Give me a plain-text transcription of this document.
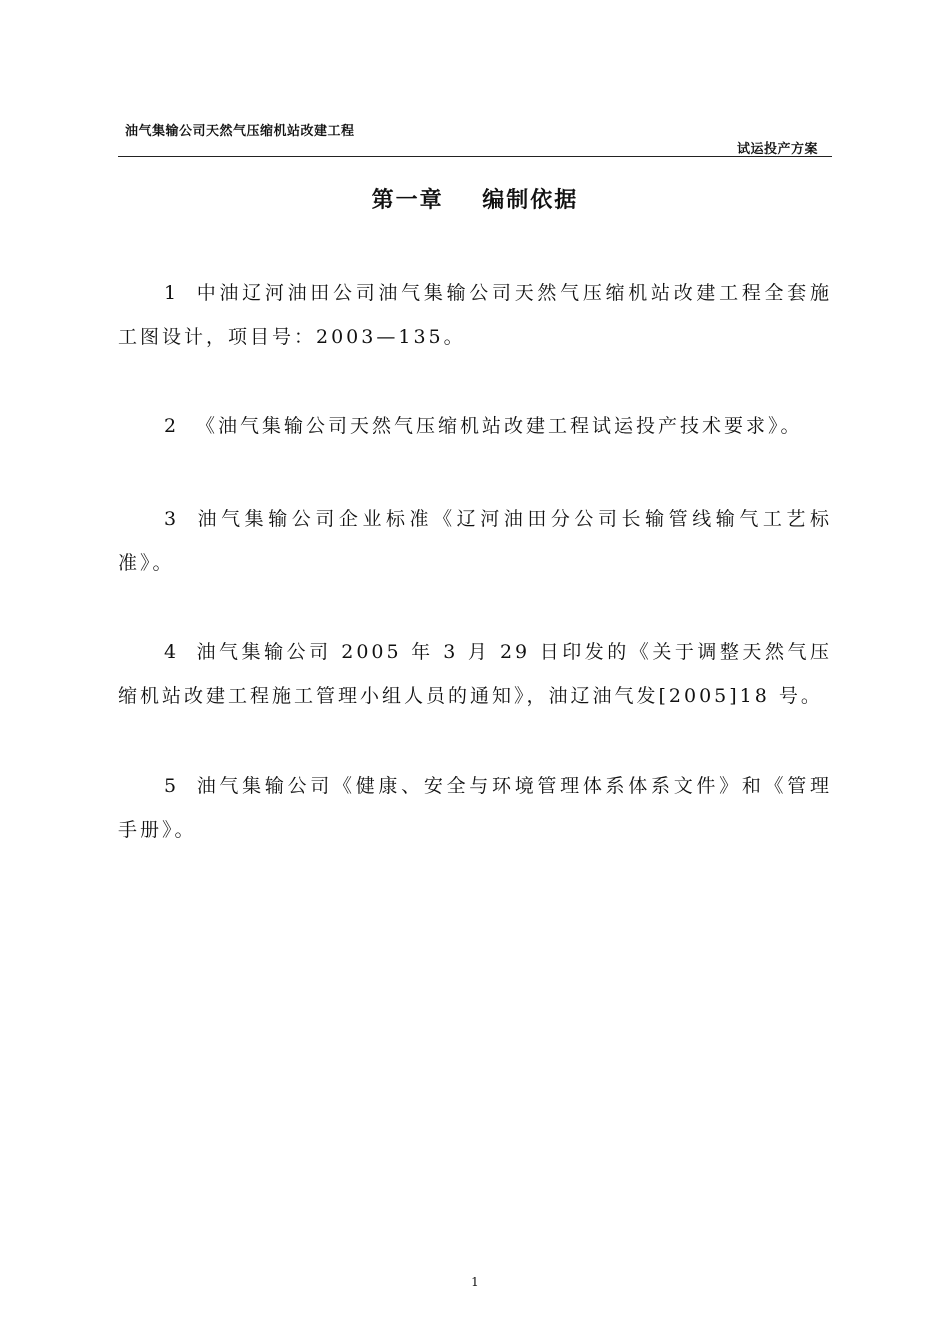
油气集输公司天然气压缩机站改建工程
试运投产方案
第一章    编制依据

1 中油辽河油田公司油气集输公司天然气压缩机站改建工程全套施工图设计，项目号：2003—135。

2 《油气集输公司天然气压缩机站改建工程试运投产技术要求》。

3 油气集输公司企业标准《辽河油田分公司长输管线输气工艺标准》。

4 油气集输公司 2005 年 3 月 29 日印发的《关于调整天然气压缩机站改建工程施工管理小组人员的通知》，油辽油气发[2005]18 号。

5 油气集输公司《健康、安全与环境管理体系体系文件》和《管理手册》。

1
